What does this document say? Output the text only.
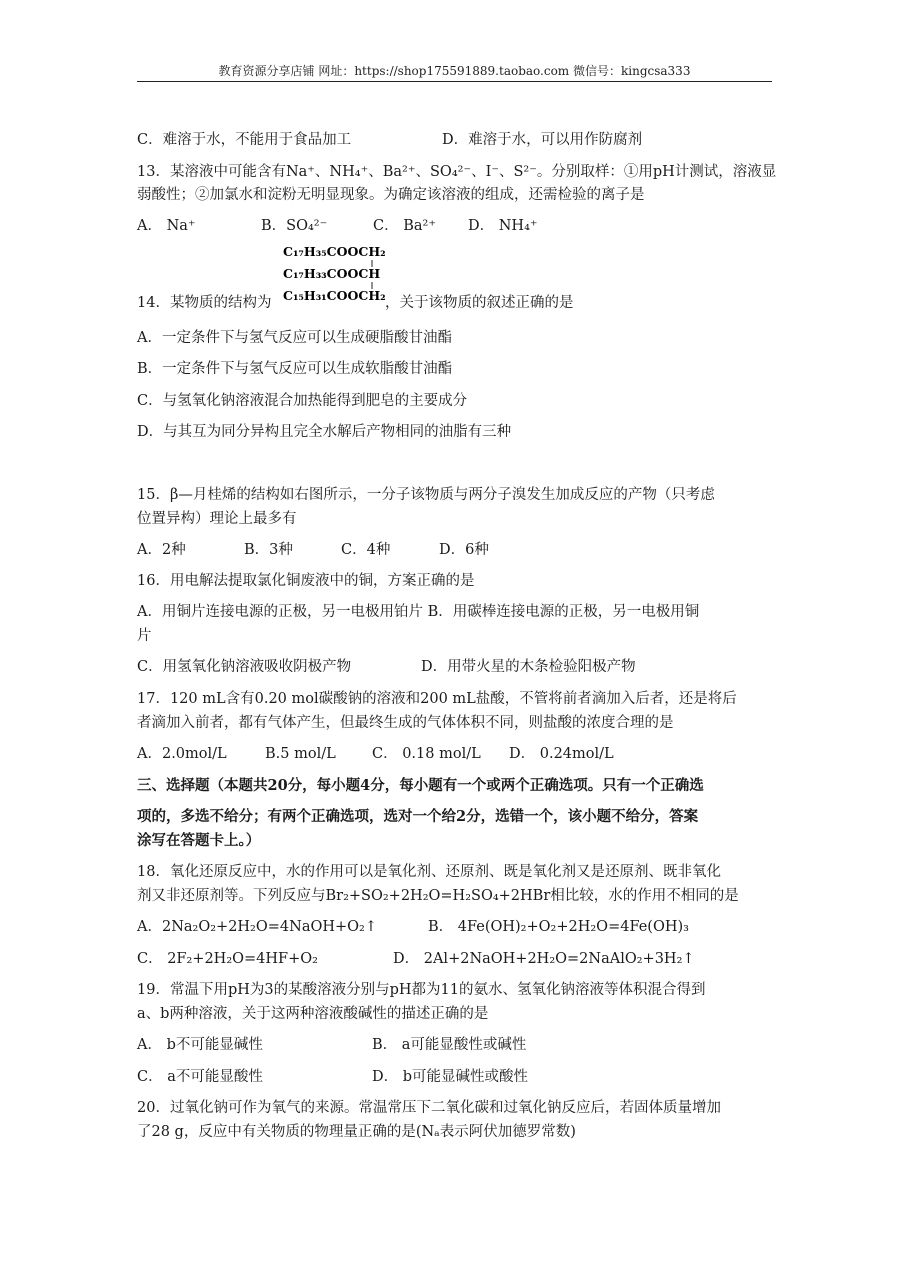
教育资源分享店铺 网址：https://shop175591889.taobao.com 微信号：kingcsa333
C．难溶于水，不能用于食品加工	D．难溶于水，可以用作防腐剂
13．某溶液中可能含有Na⁺、NH₄⁺、Ba²⁺、SO₄²⁻、I⁻、S²⁻。分别取样：①用pH计测试，溶液显
弱酸性；②加氯水和淀粉无明显现象。为确定该溶液的组成，还需检验的离子是
A． Na⁺	B．SO₄²⁻	C． Ba²⁺ D． NH₄⁺
C₁₇H₃₅COOCH₂
C₁₇H₃₃COOCH
C₁₅H₃₁COOCH₂
14．某物质的结构为	，关于该物质的叙述正确的是
A．一定条件下与氢气反应可以生成硬脂酸甘油酯
B．一定条件下与氢气反应可以生成软脂酸甘油酯
C．与氢氧化钠溶液混合加热能得到肥皂的主要成分
D．与其互为同分异构且完全水解后产物相同的油脂有三种
15．β—月桂烯的结构如右图所示，一分子该物质与两分子溴发生加成反应的产物（只考虑
位置异构）理论上最多有
A．2种	B．3种	C．4种	D．6种
16．用电解法提取氯化铜废液中的铜，方案正确的是
A．用铜片连接电源的正极，另一电极用铂片 B．用碳棒连接电源的正极，另一电极用铜
片
C．用氢氧化钠溶液吸收阴极产物	D．用带火星的木条检验阳极产物
17．120 mL含有0.20 mol碳酸钠的溶液和200 mL盐酸，不管将前者滴加入后者，还是将后
者滴加入前者，都有气体产生，但最终生成的气体体积不同，则盐酸的浓度合理的是
A．2.0mol/L	B.5 mol/L	C． 0.18 mol/L D． 0.24mol/L
三、选择题（本题共20分，每小题4分，每小题有一个或两个正确选项。只有一个正确选
项的，多选不给分；有两个正确选项，选对一个给2分，选错一个，该小题不给分，答案
涂写在答题卡上。）
18．氧化还原反应中，水的作用可以是氧化剂、还原剂、既是氧化剂又是还原剂、既非氧化
剂又非还原剂等。下列反应与Br₂+SO₂+2H₂O=H₂SO₄+2HBr相比较，水的作用不相同的是
A．2Na₂O₂+2H₂O=4NaOH+O₂↑	B． 4Fe(OH)₂+O₂+2H₂O=4Fe(OH)₃
C． 2F₂+2H₂O=4HF+O₂	D． 2Al+2NaOH+2H₂O=2NaAlO₂+3H₂↑
19．常温下用pH为3的某酸溶液分别与pH都为11的氨水、氢氧化钠溶液等体积混合得到
a、b两种溶液，关于这两种溶液酸碱性的描述正确的是
A． b不可能显碱性	B． a可能显酸性或碱性
C． a不可能显酸性	D． b可能显碱性或酸性
20．过氧化钠可作为氧气的来源。常温常压下二氧化碳和过氧化钠反应后，若固体质量增加
了28 g，反应中有关物质的物理量正确的是(Nₐ表示阿伏加德罗常数)
